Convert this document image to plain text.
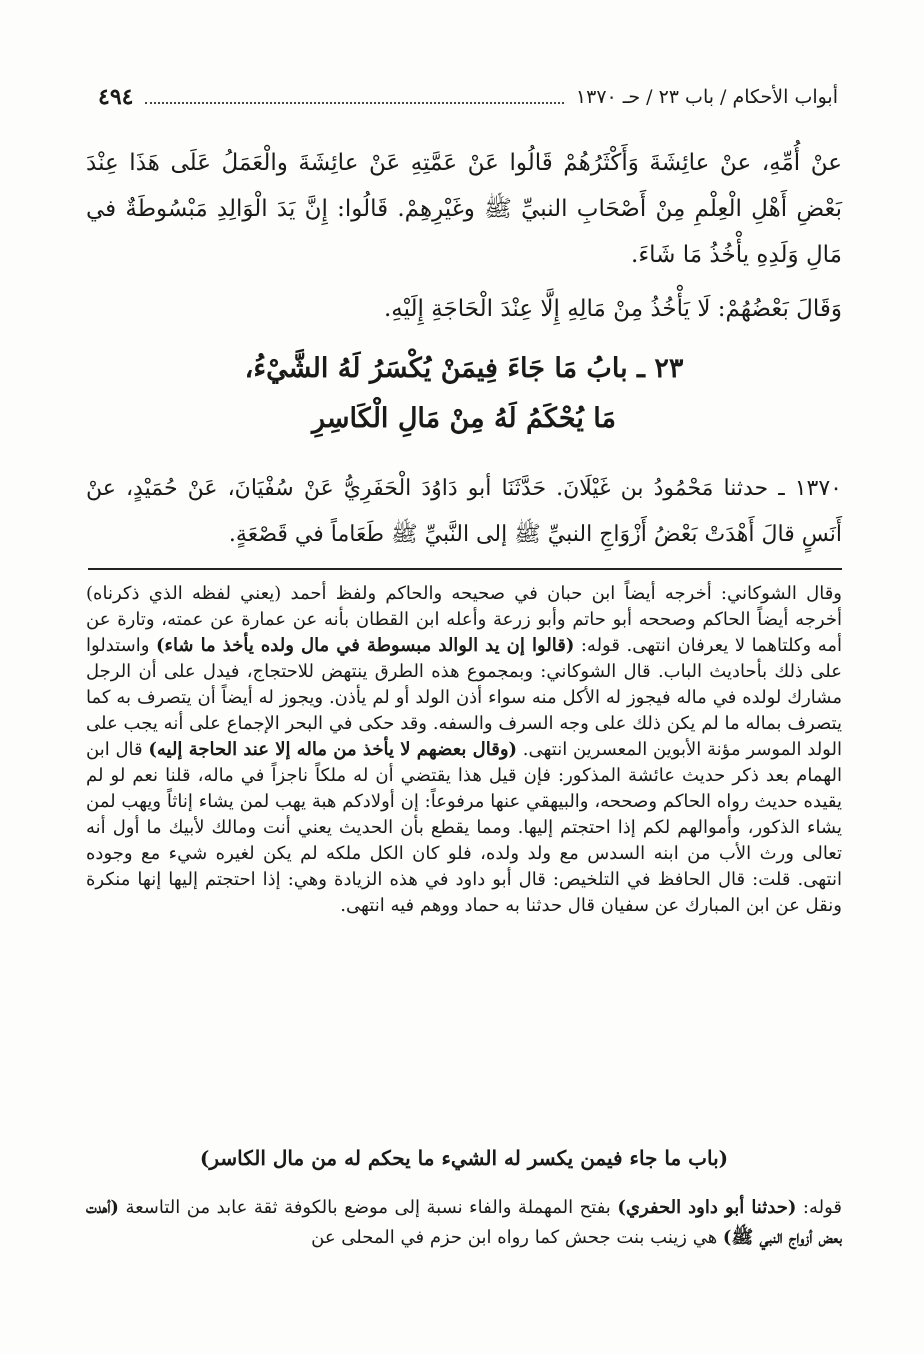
٤٩٤	أبواب الأحكام / باب ٢٣ / حـ ١٣٧٠
عنْ أُمِّهِ، عنْ عائِشَةَ وَأَكْثَرُهُمْ قَالُوا عَنْ عَمَّتِهِ عَنْ عائِشَةَ والْعَمَلُ عَلَى هَذَا عِنْدَ بَعْضِ أَهْلِ الْعِلْمِ مِنْ أَصْحَابِ النبيِّ ﷺ وغَيْرِهِمْ. قَالُوا: إِنَّ يَدَ الْوَالِدِ مَبْسُوطَةٌ في مَالِ وَلَدِهِ يأْخُذُ مَا شَاءَ.
وَقَالَ بَعْضُهُمْ: لَا يَأْخُذُ مِنْ مَالِهِ إِلَّا عِنْدَ الْحَاجَةِ إِلَيْهِ.
٢٣ ـ بابُ مَا جَاءَ فِيمَنْ يُكْسَرُ لَهُ الشَّيْءُ،
مَا يُحْكَمُ لَهُ مِنْ مَالِ الْكَاسِرِ
١٣٧٠ ـ حدثنا مَحْمُودُ بن غَيْلَانَ. حَدَّثَنَا أبو دَاوُدَ الْحَفَرِيُّ عَنْ سُفْيَانَ، عَنْ حُمَيْدٍ، عنْ أَنَسٍ قالَ أَهْدَتْ بَعْضُ أَزْوَاجِ النبيِّ ﷺ إلى النَّبيِّ ﷺ طَعَاماً في قَصْعَةٍ.
وقال الشوكاني: أخرجه أيضاً ابن حبان في صحيحه والحاكم ولفظ أحمد (يعني لفظه الذي ذكرناه) أخرجه أيضاً الحاكم وصححه أبو حاتم وأبو زرعة وأعله ابن القطان بأنه عن عمارة عن عمته، وتارة عن أمه وكلتاهما لا يعرفان انتهى. قوله: (قالوا إن يد الوالد مبسوطة في مال ولده يأخذ ما شاء) واستدلوا على ذلك بأحاديث الباب. قال الشوكاني: وبمجموع هذه الطرق ينتهض للاحتجاج، فيدل على أن الرجل مشارك لولده في ماله فيجوز له الأكل منه سواء أذن الولد أو لم يأذن. ويجوز له أيضاً أن يتصرف به كما يتصرف بماله ما لم يكن ذلك على وجه السرف والسفه. وقد حكى في البحر الإجماع على أنه يجب على الولد الموسر مؤنة الأبوين المعسرين انتهى. (وقال بعضهم لا يأخذ من ماله إلا عند الحاجة إليه) قال ابن الهمام بعد ذكر حديث عائشة المذكور: فإن قيل هذا يقتضي أن له ملكاً ناجزاً في ماله، قلنا نعم لو لم يقيده حديث رواه الحاكم وصححه، والبيهقي عنها مرفوعاً: إن أولادكم هبة يهب لمن يشاء إناثاً ويهب لمن يشاء الذكور، وأموالهم لكم إذا احتجتم إليها. ومما يقطع بأن الحديث يعني أنت ومالك لأبيك ما أول أنه تعالى ورث الأب من ابنه السدس مع ولد ولده، فلو كان الكل ملكه لم يكن لغيره شيء مع وجوده انتهى. قلت: قال الحافظ في التلخيص: قال أبو داود في هذه الزيادة وهي: إذا احتجتم إليها إنها منكرة ونقل عن ابن المبارك عن سفيان قال حدثنا به حماد ووهم فيه انتهى.
(باب ما جاء فيمن يكسر له الشيء ما يحكم له من مال الكاسر)
قوله: (حدثنا أبو داود الحفري) بفتح المهملة والفاء نسبة إلى موضع بالكوفة ثقة عابد من التاسعة (أهدت بعض أزواج النبي ﷺ) هي زينب بنت جحش كما رواه ابن حزم في المحلى عن
